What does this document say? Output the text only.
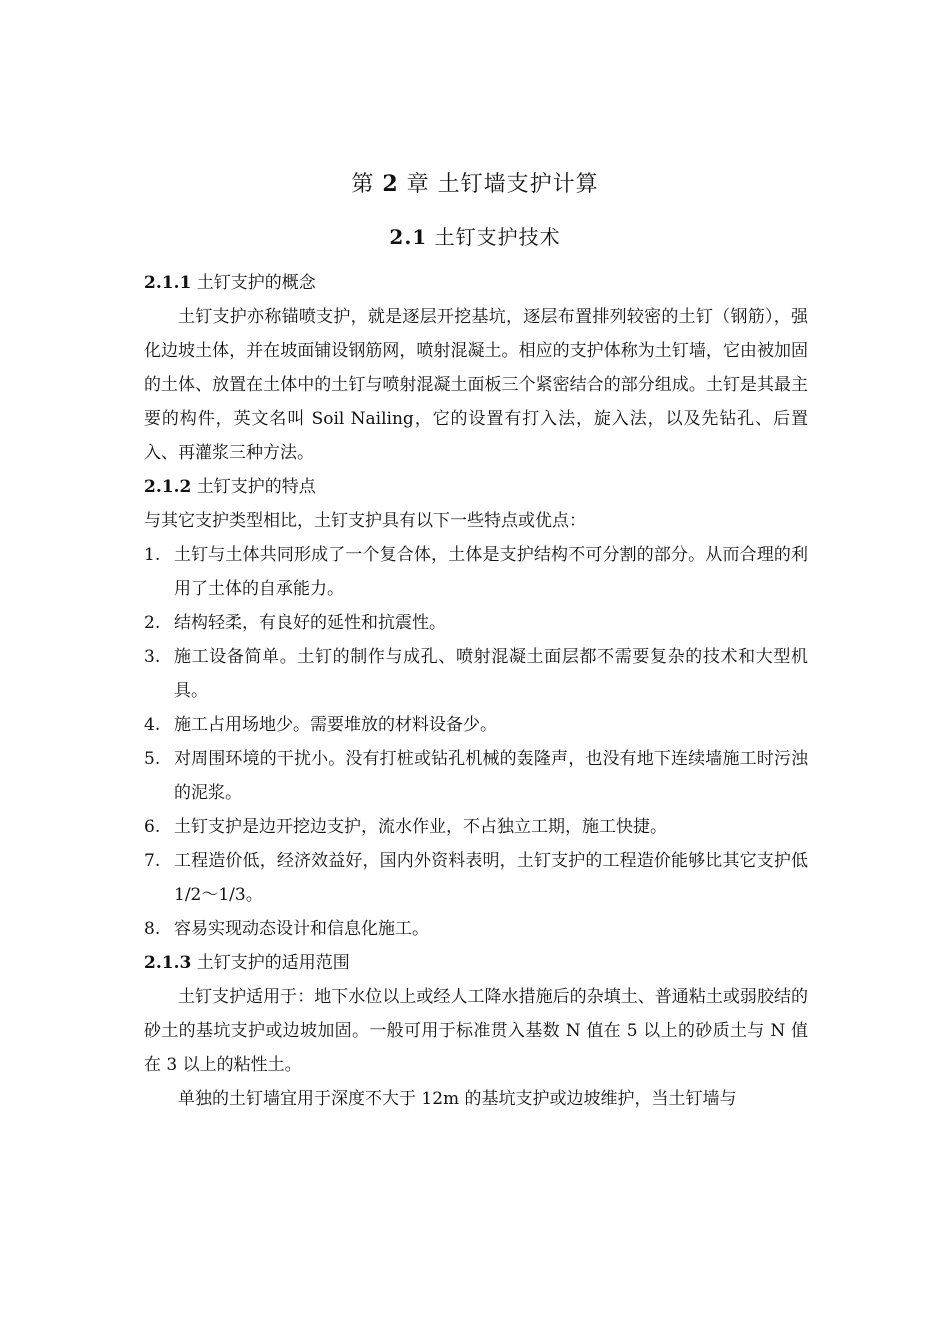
第 2 章 土钉墙支护计算
2.1 土钉支护技术
2.1.1 土钉支护的概念
土钉支护亦称锚喷支护，就是逐层开挖基坑，逐层布置排列较密的土钉（钢筋），强化边坡土体，并在坡面铺设钢筋网，喷射混凝土。相应的支护体称为土钉墙，它由被加固的土体、放置在土体中的土钉与喷射混凝土面板三个紧密结合的部分组成。土钉是其最主要的构件，英文名叫 Soil Nailing，它的设置有打入法，旋入法，以及先钻孔、后置入、再灌浆三种方法。
2.1.2 土钉支护的特点
与其它支护类型相比，土钉支护具有以下一些特点或优点：
1. 土钉与土体共同形成了一个复合体，土体是支护结构不可分割的部分。从而合理的利用了土体的自承能力。
2. 结构轻柔，有良好的延性和抗震性。
3. 施工设备简单。土钉的制作与成孔、喷射混凝土面层都不需要复杂的技术和大型机具。
4. 施工占用场地少。需要堆放的材料设备少。
5. 对周围环境的干扰小。没有打桩或钻孔机械的轰隆声，也没有地下连续墙施工时污浊的泥浆。
6. 土钉支护是边开挖边支护，流水作业，不占独立工期，施工快捷。
7. 工程造价低，经济效益好，国内外资料表明，土钉支护的工程造价能够比其它支护低 1/2～1/3。
8. 容易实现动态设计和信息化施工。
2.1.3 土钉支护的适用范围
土钉支护适用于：地下水位以上或经人工降水措施后的杂填土、普通粘土或弱胶结的砂土的基坑支护或边坡加固。一般可用于标准贯入基数 N 值在 5 以上的砂质土与 N 值在 3 以上的粘性土。
单独的土钉墙宜用于深度不大于 12m 的基坑支护或边坡维护，当土钉墙与
